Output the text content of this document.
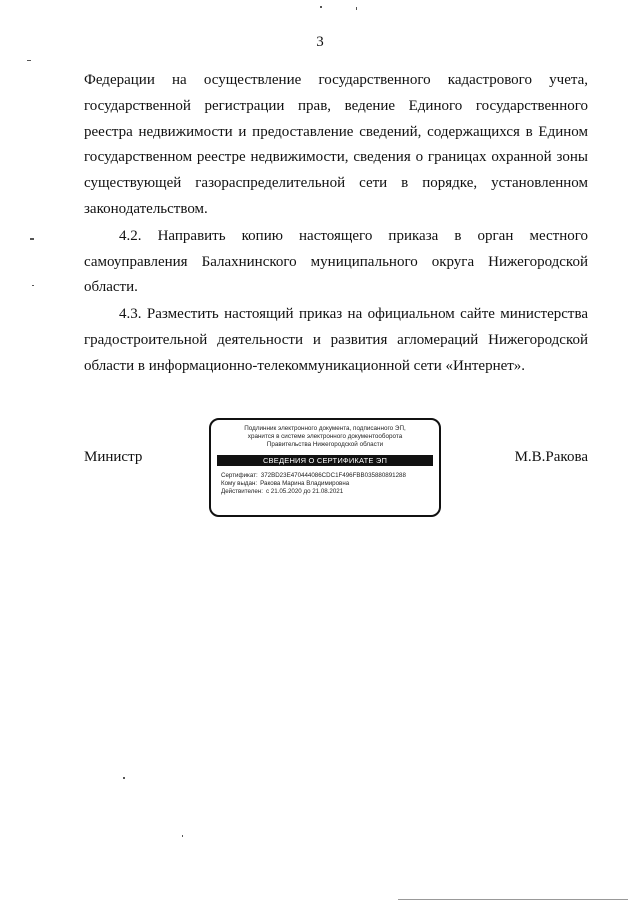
3

Федерации на осуществление государственного кадастрового учета, государственной регистрации прав, ведение Единого государственного реестра недвижимости и предоставление сведений, содержащихся в Едином государственном реестре недвижимости, сведения о границах охранной зоны существующей газораспределительной сети в порядке, установленном законодательством.

4.2. Направить копию настоящего приказа в орган местного самоуправления Балахнинского муниципального округа Нижегородской области.

4.3. Разместить настоящий приказ на официальном сайте министерства градостроительной деятельности и развития агломераций Нижегородской области в информационно-телекоммуникационной сети «Интернет».

Министр	М.В.Ракова
Подлинник электронного документа, подписанного ЭП,
хранится в системе электронного документооборота
Правительства Нижегородской области
СВЕДЕНИЯ О СЕРТИФИКАТЕ ЭП
Сертификат: 372BD23E470444086CDC1F496FBB035880891288
Кому выдан: Ракова Марина Владимировна
Действителен: с 21.05.2020 до 21.08.2021
